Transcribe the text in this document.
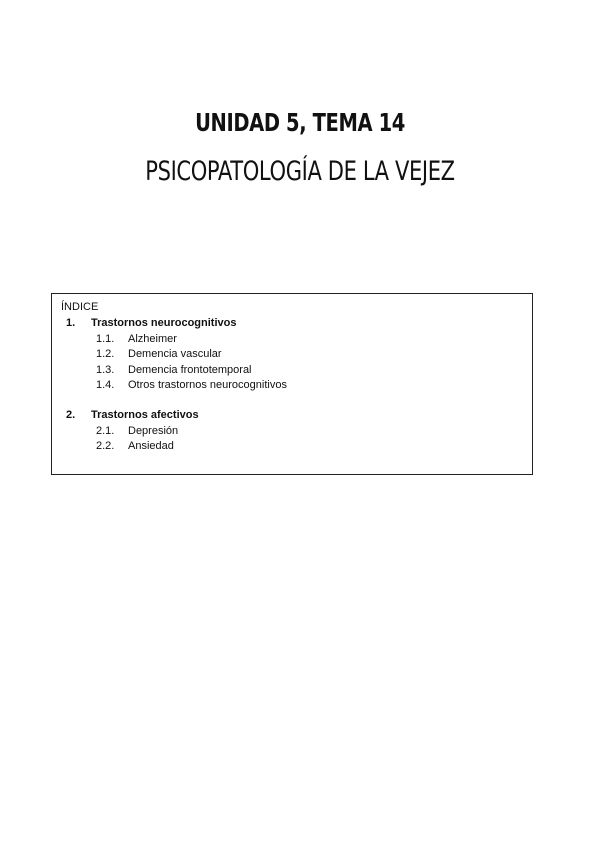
UNIDAD 5, TEMA 14
PSICOPATOLOGÍA DE LA VEJEZ
ÍNDICE
1. Trastornos neurocognitivos
1.1. Alzheimer
1.2. Demencia vascular
1.3. Demencia frontotemporal
1.4. Otros trastornos neurocognitivos
2. Trastornos afectivos
2.1. Depresión
2.2. Ansiedad
